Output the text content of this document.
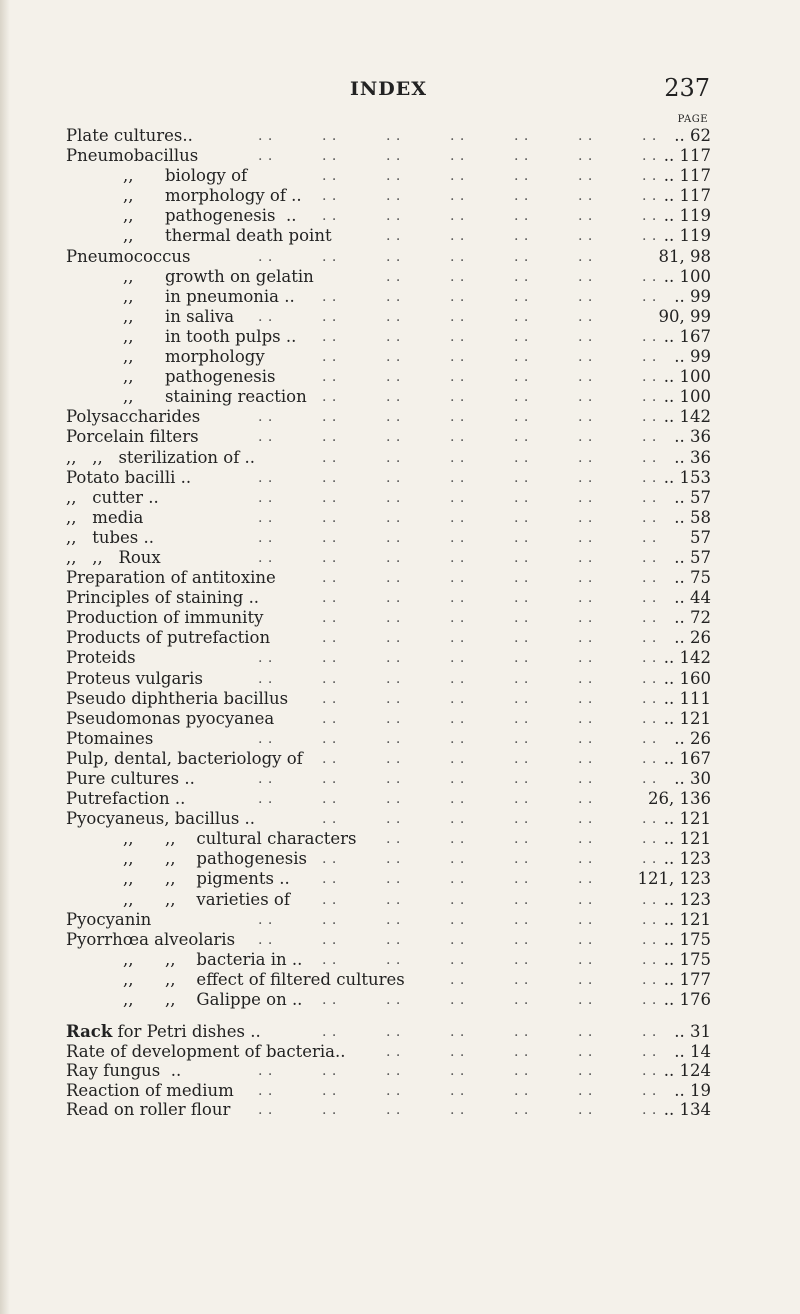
INDEX	237
PAGE
Plate cultures..	. .	. .	. .	. .	. .	. .	. . .. 62
Pneumobacillus	. .	. .	. .	. .	. .	. .	. . .. 117
,,      biology of	. .	. .	. .	. .	. .	. . .. 117
,,      morphology of .. . .	. .	. .	. .	. .	. . .. 117
,,      pathogenesis  .. . .	. .	. .	. .	. .	. . .. 119
,,      thermal death point	. .	. .	. .	. .	. . .. 119
Pneumococcus	. .	. .	. .	. .	. .	. .	81, 98
,,      growth on gelatin	. .	. .	. .	. .	. . .. 100
,,      in pneumonia .. . .	. .	. .	. .	. .	. . .. 99
,,      in saliva . .	. .	. .	. .	. .	. .	90, 99
,,      in tooth pulps .. . .	. .	. .	. .	. .	. . .. 167
,,      morphology	. .	. .	. .	. .	. .	. . .. 99
,,      pathogenesis	. .	. .	. .	. .	. .	. . .. 100
,,      staining reaction . .	. .	. .	. .	. .	. . .. 100
Polysaccharides	. .	. .	. .	. .	. .	. .	. . .. 142
Porcelain filters	. .	. .	. .	. .	. .	. .	. . .. 36
,,   ,,   sterilization of ..	. .	. .	. .	. .	. .	. . .. 36
Potato bacilli ..	. .	. .	. .	. .	. .	. .	. . .. 153
,,   cutter ..	. .	. .	. .	. .	. .	. .	. . .. 57
,,   media	. .	. .	. .	. .	. .	. .	. . .. 58
,,   tubes ..	. .	. .	. .	. .	. .	. .	. . 57
,,   ,,   Roux	. .	. .	. .	. .	. .	. .	. . .. 57
Preparation of antitoxine	. .	. .	. .	. .	. .	. . .. 75
Principles of staining ..	. .	. .	. .	. .	. .	. . .. 44
Production of immunity	. .	. .	. .	. .	. .	. . .. 72
Products of putrefaction	. .	. .	. .	. .	. .	. . .. 26
Proteids	. .	. .	. .	. .	. .	. .	. . .. 142
Proteus vulgaris	. .	. .	. .	. .	. .	. .	. . .. 160
Pseudo diphtheria bacillus . .	. .	. .	. .	. .	. . .. 111
Pseudomonas pyocyanea	. .	. .	. .	. .	. .	. . .. 121
Ptomaines	. .	. .	. .	. .	. .	. .	. . .. 26
Pulp, dental, bacteriology of . .	. .	. .	. .	. .	. . .. 167
Pure cultures ..	. .	. .	. .	. .	. .	. .	. . .. 30
Putrefaction ..	. .	. .	. .	. .	. .	. .	26, 136
Pyocyaneus, bacillus ..	. .	. .	. .	. .	. .	. . .. 121
,,      ,,    cultural characters . .	. .	. .	. .	. . .. 121
,,      ,,    pathogenesis . .	. .	. .	. .	. .	. . .. 123
,,      ,,    pigments .. . .	. .	. .	. .	. .	121, 123
,,      ,,    varieties of . .	. .	. .	. .	. .	. . .. 123
Pyocyanin	. .	. .	. .	. .	. .	. .	. . .. 121
Pyorrhœa alveolaris . .	. .	. .	. .	. .	. .	. . .. 175
,,      ,,    bacteria in .. . .	. .	. .	. .	. .	. . .. 175
,,      ,,    effect of filtered cultures	. .	. .	. .	. . .. 177
,,      ,,    Galippe on .. . .	. .	. .	. .	. .	. . .. 176
Rack for Petri dishes ..	. .	. .	. .	. .	. .	. . .. 31
Rate of development of bacteria..	. .	. .	. .	. .	. . .. 14
Ray fungus  ..	. .	. .	. .	. .	. .	. .	. . .. 124
Reaction of medium . .	. .	. .	. .	. .	. .	. . .. 19
Read on roller flour . .	. .	. .	. .	. .	. .	. . .. 134
